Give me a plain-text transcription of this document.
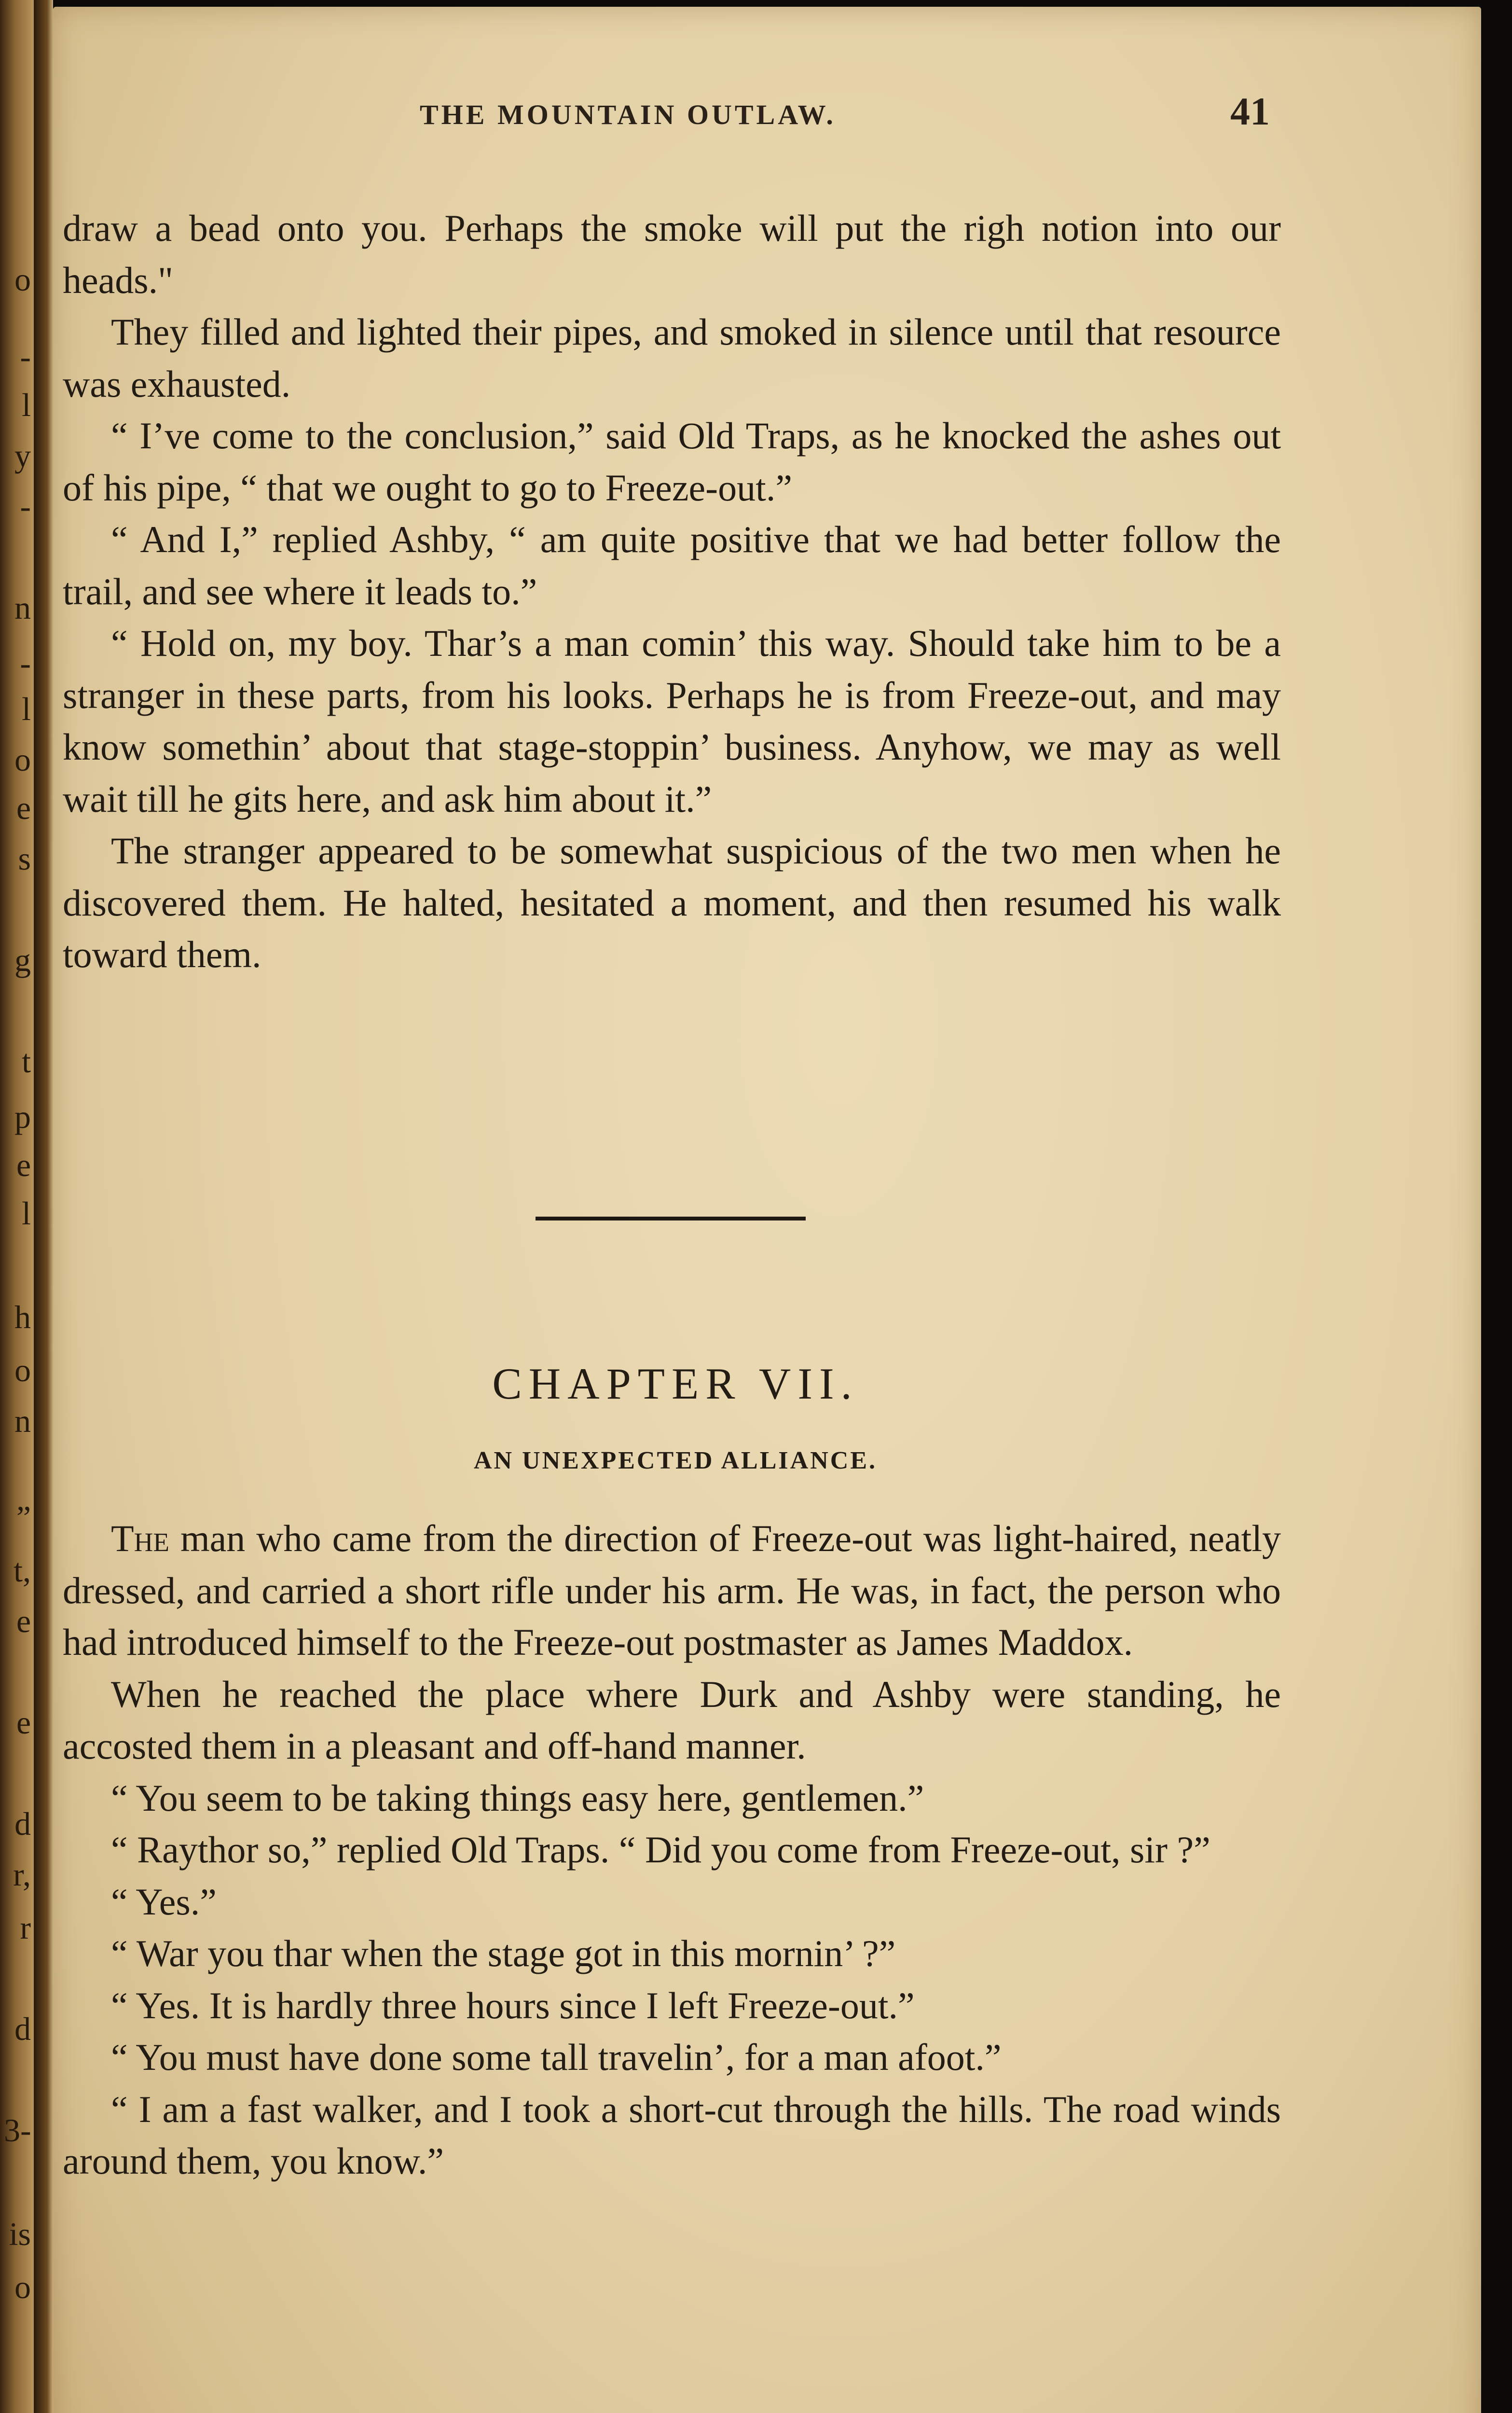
o
-
l
y
-
n
-
l
o
e
s
g
t
p
e
l
h
o
n
”
t,
e
e
d
r,
r
d
3-
is
o
THE MOUNTAIN OUTLAW.	41

draw a bead onto you. Perhaps the smoke will put the righ notion into our heads."

They filled and lighted their pipes, and smoked in silence until that resource was exhausted.

“ I’ve come to the conclusion,” said Old Traps, as he knocked the ashes out of his pipe, “ that we ought to go to Freeze-out.”

“ And I,” replied Ashby, “ am quite positive that we had better follow the trail, and see where it leads to.”

“ Hold on, my boy. Thar’s a man comin’ this way. Should take him to be a stranger in these parts, from his looks. Perhaps he is from Freeze-out, and may know somethin’ about that stage-stoppin’ business. Anyhow, we may as well wait till he gits here, and ask him about it.”

The stranger appeared to be somewhat suspicious of the two men when he discovered them. He halted, hesitated a moment, and then resumed his walk toward them.

CHAPTER VII.
AN UNEXPECTED ALLIANCE.

The man who came from the direction of Freeze-out was light-haired, neatly dressed, and carried a short rifle under his arm. He was, in fact, the person who had introduced himself to the Freeze-out postmaster as James Maddox.

When he reached the place where Durk and Ashby were standing, he accosted them in a pleasant and off-hand manner.

“ You seem to be taking things easy here, gentlemen.”

“ Raythor so,” replied Old Traps. “ Did you come from Freeze-out, sir ?”

“ Yes.”

“ War you thar when the stage got in this mornin’ ?”

“ Yes. It is hardly three hours since I left Freeze-out.”

“ You must have done some tall travelin’, for a man afoot.”

“ I am a fast walker, and I took a short-cut through the hills. The road winds around them, you know.”
